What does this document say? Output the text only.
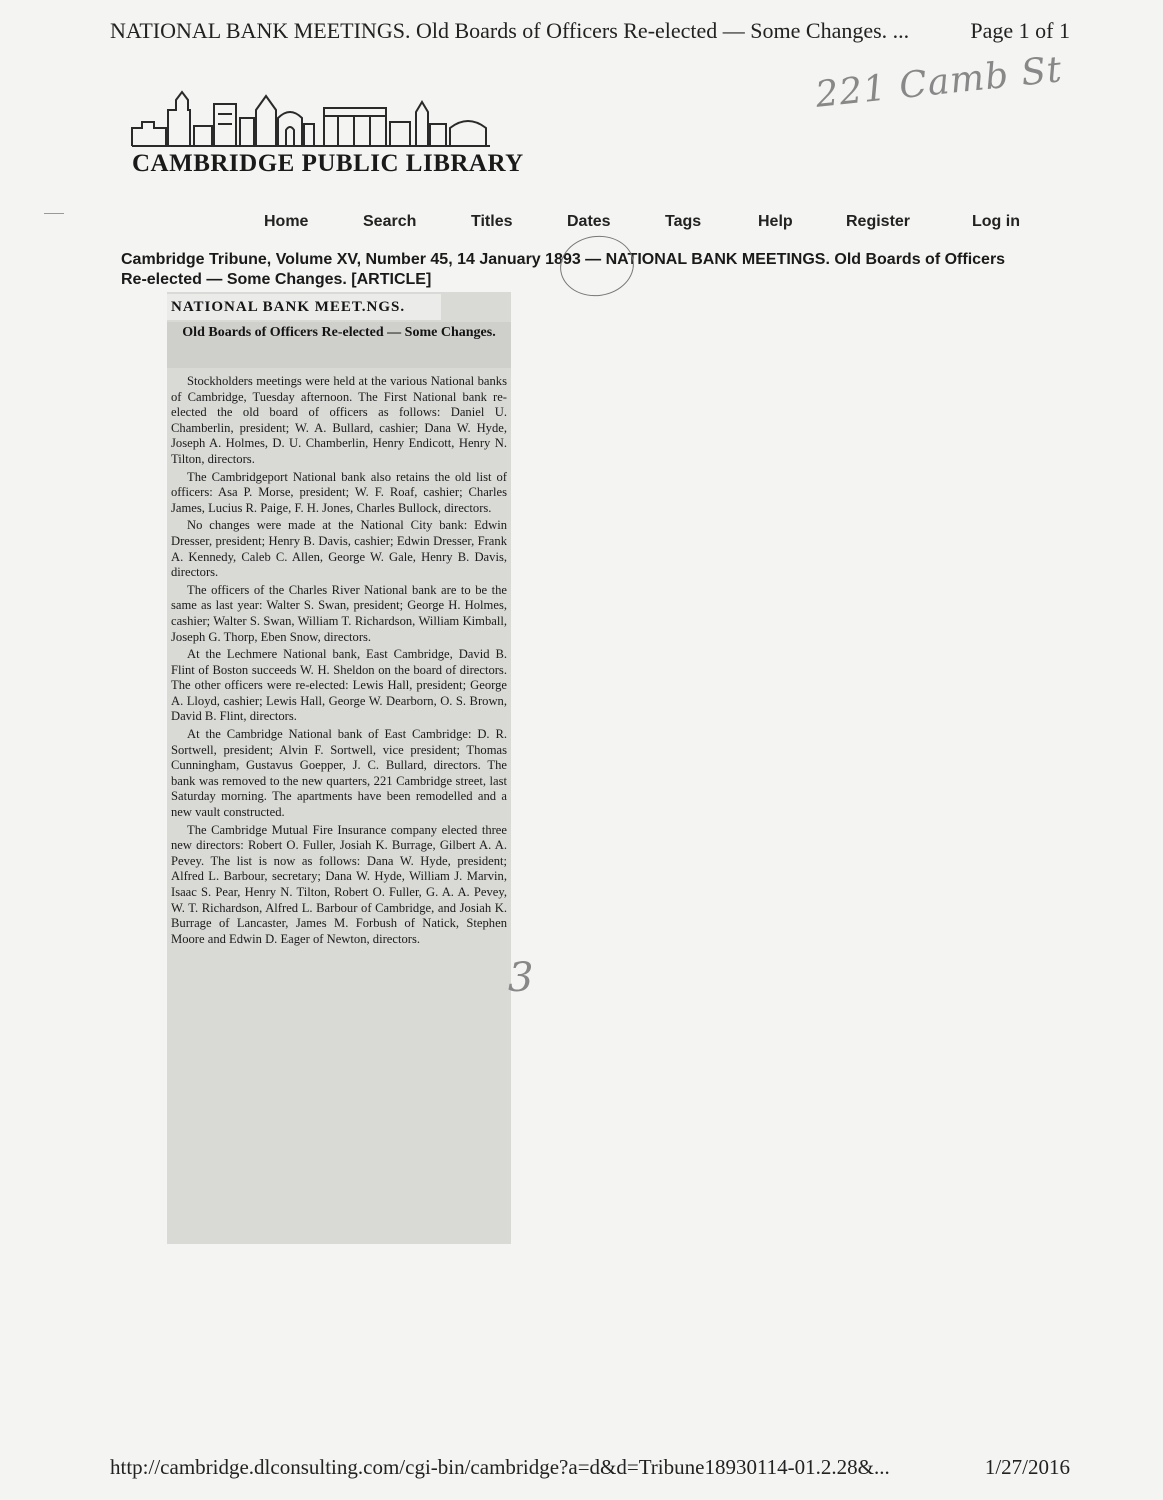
NATIONAL BANK MEETINGS. Old Boards of Officers Re-elected — Some Changes. ...	Page 1 of 1
221 Camb St
CAMBRIDGE PUBLIC LIBRARY
Home	Search	Titles	Dates	Tags	Help	Register	Log in
Cambridge Tribune, Volume XV, Number 45, 14 January 1893 — NATIONAL BANK MEETINGS. Old Boards of Officers Re-elected — Some Changes. [ARTICLE]
NATIONAL BANK MEET.NGS.
Old Boards of Officers Re-elected — Some Changes.

Stockholders meetings were held at the various National banks of Cambridge, Tuesday afternoon. The First National bank re-elected the old board of officers as follows: Daniel U. Chamberlin, president; W. A. Bullard, cashier; Dana W. Hyde, Joseph A. Holmes, D. U. Chamberlin, Henry Endicott, Henry N. Tilton, directors.

The Cambridgeport National bank also retains the old list of officers: Asa P. Morse, president; W. F. Roaf, cashier; Charles James, Lucius R. Paige, F. H. Jones, Charles Bullock, directors.

No changes were made at the National City bank: Edwin Dresser, president; Henry B. Davis, cashier; Edwin Dresser, Frank A. Kennedy, Caleb C. Allen, George W. Gale, Henry B. Davis, directors.

The officers of the Charles River National bank are to be the same as last year: Walter S. Swan, president; George H. Holmes, cashier; Walter S. Swan, William T. Richardson, William Kimball, Joseph G. Thorp, Eben Snow, directors.

At the Lechmere National bank, East Cambridge, David B. Flint of Boston succeeds W. H. Sheldon on the board of directors. The other officers were re-elected: Lewis Hall, president; George A. Lloyd, cashier; Lewis Hall, George W. Dearborn, O. S. Brown, David B. Flint, directors.

At the Cambridge National bank of East Cambridge: D. R. Sortwell, president; Alvin F. Sortwell, vice president; Thomas Cunningham, Gustavus Goepper, J. C. Bullard, directors. The bank was removed to the new quarters, 221 Cambridge street, last Saturday morning. The apartments have been remodelled and a new vault constructed.

The Cambridge Mutual Fire Insurance company elected three new directors: Robert O. Fuller, Josiah K. Burrage, Gilbert A. A. Pevey. The list is now as follows: Dana W. Hyde, president; Alfred L. Barbour, secretary; Dana W. Hyde, William J. Marvin, Isaac S. Pear, Henry N. Tilton, Robert O. Fuller, G. A. A. Pevey, W. T. Richardson, Alfred L. Barbour of Cambridge, and Josiah K. Burrage of Lancaster, James M. Forbush of Natick, Stephen Moore and Edwin D. Eager of Newton, directors.

3
http://cambridge.dlconsulting.com/cgi-bin/cambridge?a=d&d=Tribune18930114-01.2.28&...	1/27/2016
